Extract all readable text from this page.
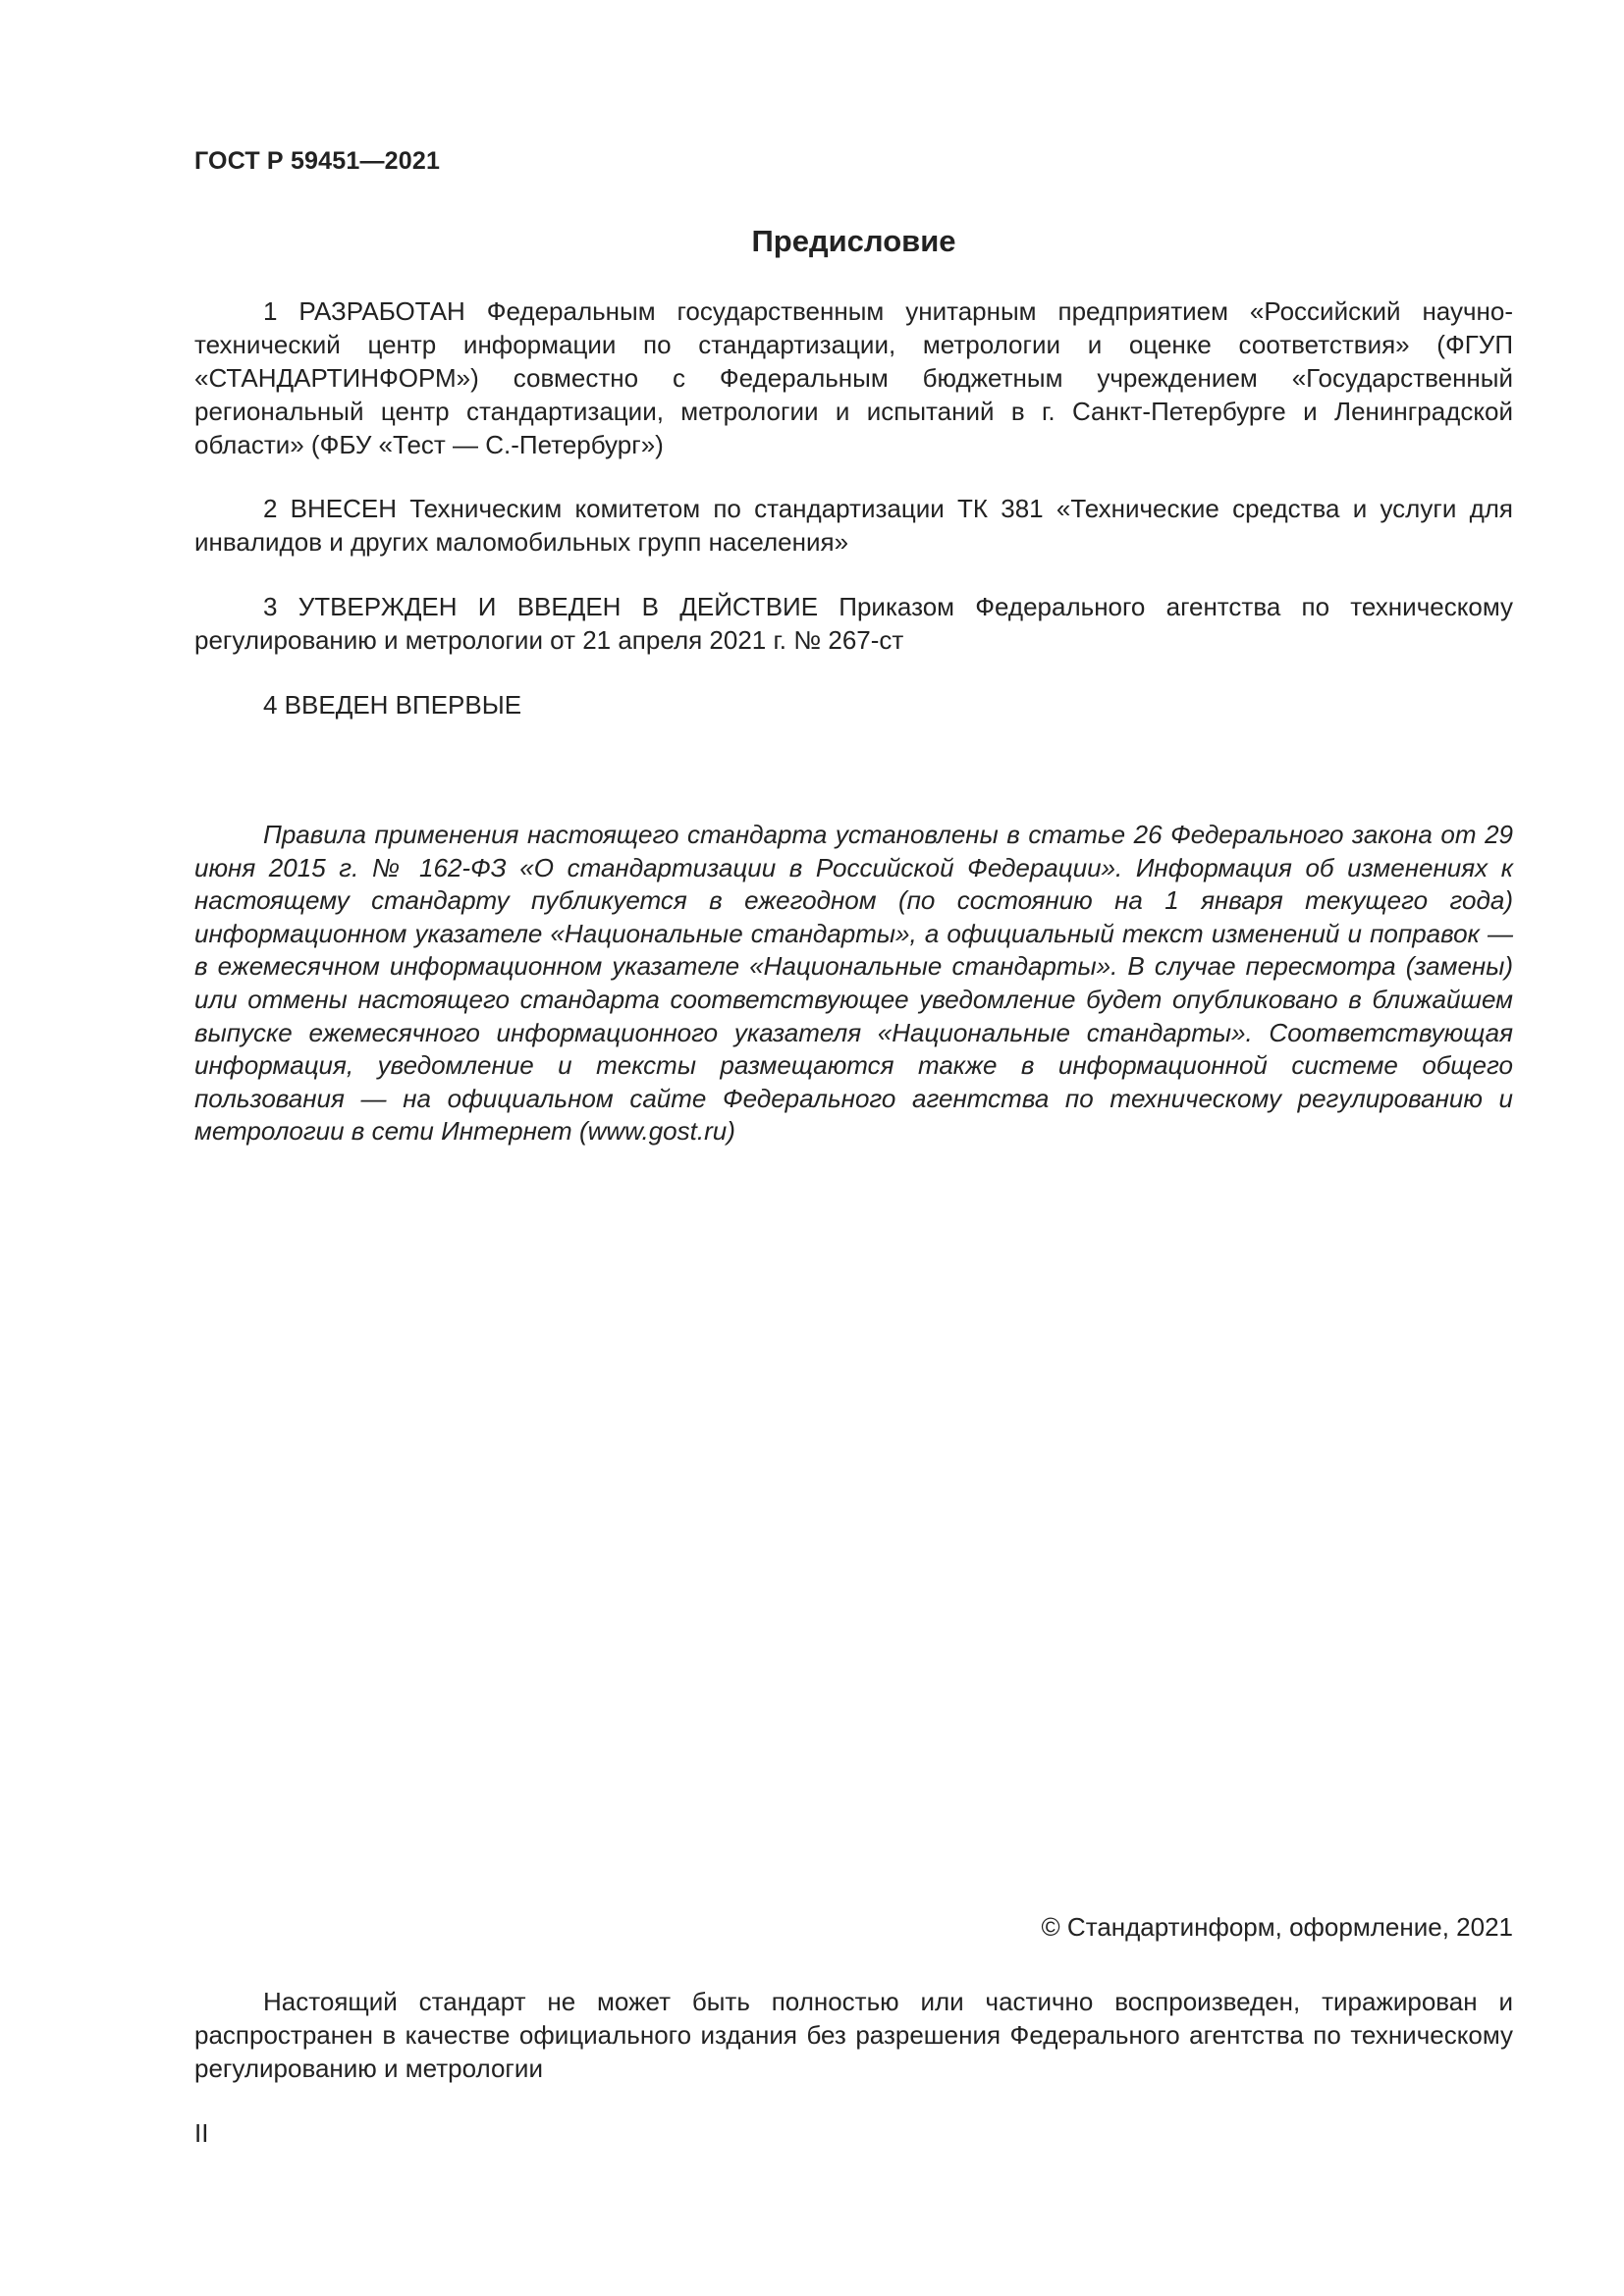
ГОСТ Р 59451—2021

Предисловие

1 РАЗРАБОТАН Федеральным государственным унитарным предприятием «Российский научно-технический центр информации по стандартизации, метрологии и оценке соответствия» (ФГУП «СТАНДАРТИНФОРМ») совместно с Федеральным бюджетным учреждением «Государственный региональный центр стандартизации, метрологии и испытаний в г. Санкт-Петербурге и Ленинградской области» (ФБУ «Тест — С.-Петербург»)

2 ВНЕСЕН Техническим комитетом по стандартизации ТК 381 «Технические средства и услуги для инвалидов и других маломобильных групп населения»

3 УТВЕРЖДЕН И ВВЕДЕН В ДЕЙСТВИЕ Приказом Федерального агентства по техническому регулированию и метрологии от 21 апреля 2021 г. № 267-ст

4 ВВЕДЕН ВПЕРВЫЕ

Правила применения настоящего стандарта установлены в статье 26 Федерального закона от 29 июня 2015 г. № 162-ФЗ «О стандартизации в Российской Федерации». Информация об изменениях к настоящему стандарту публикуется в ежегодном (по состоянию на 1 января текущего года) информационном указателе «Национальные стандарты», а официальный текст изменений и поправок — в ежемесячном информационном указателе «Национальные стандарты». В случае пересмотра (замены) или отмены настоящего стандарта соответствующее уведомление будет опубликовано в ближайшем выпуске ежемесячного информационного указателя «Национальные стандарты». Соответствующая информация, уведомление и тексты размещаются также в информационной системе общего пользования — на официальном сайте Федерального агентства по техническому регулированию и метрологии в сети Интернет (www.gost.ru)

© Стандартинформ, оформление, 2021

Настоящий стандарт не может быть полностью или частично воспроизведен, тиражирован и распространен в качестве официального издания без разрешения Федерального агентства по техническому регулированию и метрологии

II
